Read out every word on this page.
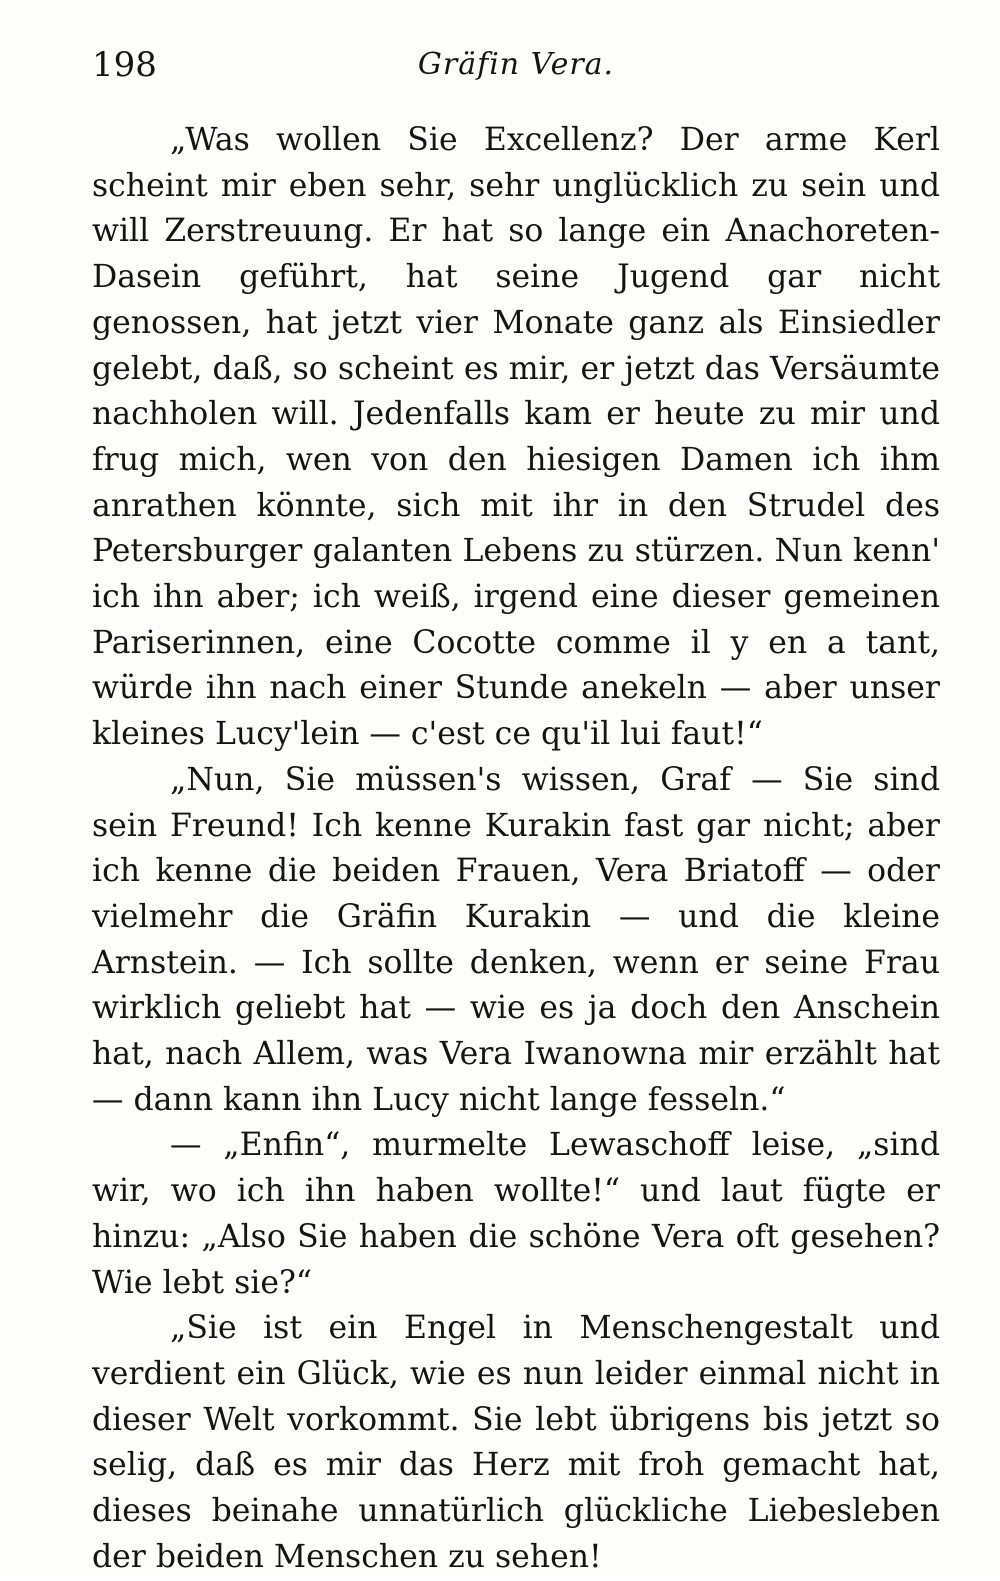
198	Gräfin Vera.

„Was wollen Sie Excellenz? Der arme Kerl scheint mir eben sehr, sehr unglücklich zu sein und will Zerstreuung. Er hat so lange ein Anachoreten-Dasein geführt, hat seine Jugend gar nicht genossen, hat jetzt vier Monate ganz als Einsiedler gelebt, daß, so scheint es mir, er jetzt das Versäumte nachholen will. Jedenfalls kam er heute zu mir und frug mich, wen von den hiesigen Damen ich ihm anrathen könnte, sich mit ihr in den Strudel des Petersburger galanten Lebens zu stürzen. Nun kenn' ich ihn aber; ich weiß, irgend eine dieser gemeinen Pariserinnen, eine Cocotte comme il y en a tant, würde ihn nach einer Stunde anekeln — aber unser kleines Lucy'lein — c'est ce qu'il lui faut!“

„Nun, Sie müssen's wissen, Graf — Sie sind sein Freund! Ich kenne Kurakin fast gar nicht; aber ich kenne die beiden Frauen, Vera Briatoff — oder vielmehr die Gräfin Kurakin — und die kleine Arnstein. — Ich sollte denken, wenn er seine Frau wirklich geliebt hat — wie es ja doch den Anschein hat, nach Allem, was Vera Iwanowna mir erzählt hat — dann kann ihn Lucy nicht lange fesseln.“

— „Enfin“, murmelte Lewaschoff leise, „sind wir, wo ich ihn haben wollte!“ und laut fügte er hinzu: „Also Sie haben die schöne Vera oft gesehen? Wie lebt sie?“

„Sie ist ein Engel in Menschengestalt und verdient ein Glück, wie es nun leider einmal nicht in dieser Welt vorkommt. Sie lebt übrigens bis jetzt so selig, daß es mir das Herz mit froh gemacht hat, dieses beinahe unnatürlich glückliche Liebesleben der beiden Menschen zu sehen!
